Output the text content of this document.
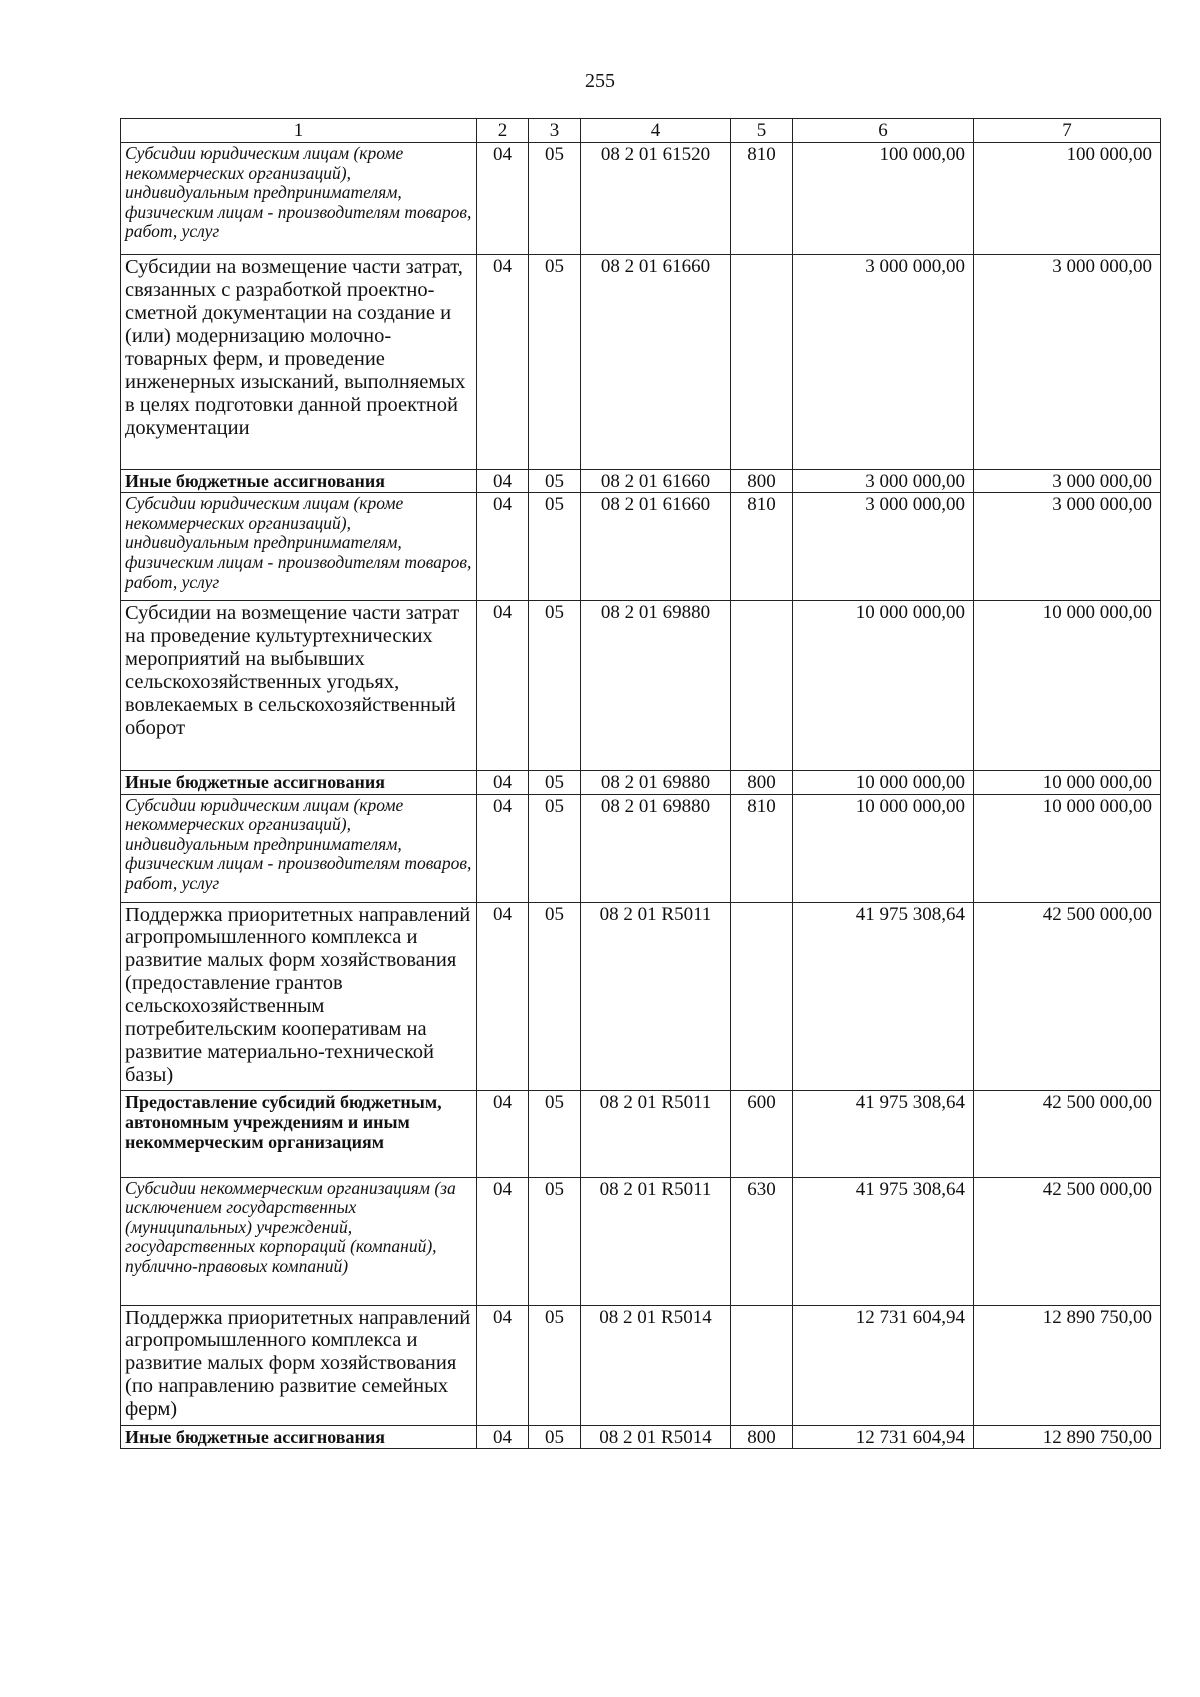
255
1	2	3	4	5	6	7
Субсидии юридическим лицам (кроме некоммерческих организаций), индивидуальным предпринимателям, физическим лицам - производителям товаров, работ, услуг	04	05	08 2 01 61520	810	100 000,00	100 000,00
Субсидии на возмещение части затрат, связанных с разработкой проектно-сметной документации на создание и (или) модернизацию молочно-товарных ферм, и проведение инженерных изысканий, выполняемых в целях подготовки данной проектной документации	04	05	08 2 01 61660		3 000 000,00	3 000 000,00
Иные бюджетные ассигнования	04	05	08 2 01 61660	800	3 000 000,00	3 000 000,00
Субсидии юридическим лицам (кроме некоммерческих организаций), индивидуальным предпринимателям, физическим лицам - производителям товаров, работ, услуг	04	05	08 2 01 61660	810	3 000 000,00	3 000 000,00
Субсидии на возмещение части затрат на проведение культуртехнических мероприятий на выбывших сельскохозяйственных угодьях, вовлекаемых в сельскохозяйственный оборот	04	05	08 2 01 69880		10 000 000,00	10 000 000,00
Иные бюджетные ассигнования	04	05	08 2 01 69880	800	10 000 000,00	10 000 000,00
Субсидии юридическим лицам (кроме некоммерческих организаций), индивидуальным предпринимателям, физическим лицам - производителям товаров, работ, услуг	04	05	08 2 01 69880	810	10 000 000,00	10 000 000,00
Поддержка приоритетных направлений агропромышленного комплекса и развитие малых форм хозяйствования (предоставление грантов сельскохозяйственным потребительским кооперативам на развитие материально-технической базы)	04	05	08 2 01 R5011		41 975 308,64	42 500 000,00
Предоставление субсидий бюджетным, автономным учреждениям и иным некоммерческим организациям	04	05	08 2 01 R5011	600	41 975 308,64	42 500 000,00
Субсидии некоммерческим организациям (за исключением государственных (муниципальных) учреждений, государственных корпораций (компаний), публично-правовых компаний)	04	05	08 2 01 R5011	630	41 975 308,64	42 500 000,00
Поддержка приоритетных направлений агропромышленного комплекса и развитие малых форм хозяйствования (по направлению развитие семейных ферм)	04	05	08 2 01 R5014		12 731 604,94	12 890 750,00
Иные бюджетные ассигнования	04	05	08 2 01 R5014	800	12 731 604,94	12 890 750,00
